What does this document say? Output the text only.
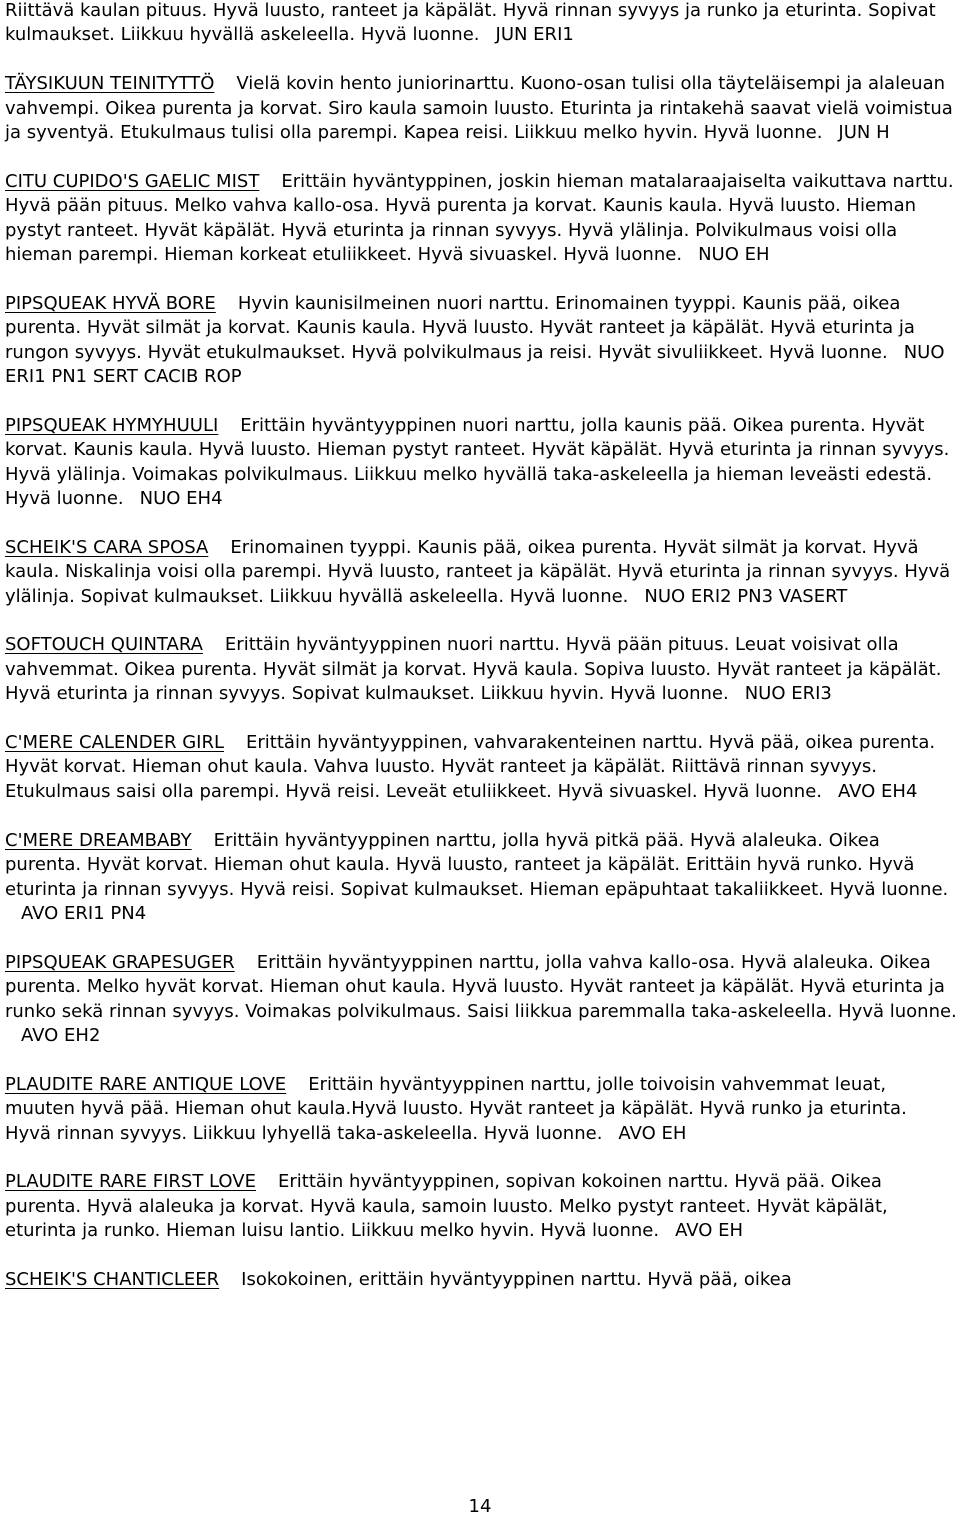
Riittävä kaulan pituus. Hyvä luusto, ranteet ja käpälät. Hyvä rinnan syvyys ja runko ja eturinta. Sopivat kulmaukset. Liikkuu hyvällä askeleella. Hyvä luonne. JUN ERI1
TÄYSIKUUN TEINITYTTÖ Vielä kovin hento juniorinarttu. Kuono-osan tulisi olla täyteläisempi ja alaleuan vahvempi. Oikea purenta ja korvat. Siro kaula samoin luusto. Eturinta ja rintakehä saavat vielä voimistua ja syventyä. Etukulmaus tulisi olla parempi. Kapea reisi. Liikkuu melko hyvin. Hyvä luonne. JUN H
CITU CUPIDO'S GAELIC MIST Erittäin hyväntyppinen, joskin hieman matalaraajaiselta vaikuttava narttu. Hyvä pään pituus. Melko vahva kallo-osa. Hyvä purenta ja korvat. Kaunis kaula. Hyvä luusto. Hieman pystyt ranteet. Hyvät käpälät. Hyvä eturinta ja rinnan syvyys. Hyvä ylälinja. Polvikulmaus voisi olla hieman parempi. Hieman korkeat etuliikkeet. Hyvä sivuaskel. Hyvä luonne. NUO EH
PIPSQUEAK HYVÄ BORE Hyvin kaunisilmeinen nuori narttu. Erinomainen tyyppi. Kaunis pää, oikea purenta. Hyvät silmät ja korvat. Kaunis kaula. Hyvä luusto. Hyvät ranteet ja käpälät. Hyvä eturinta ja rungon syvyys. Hyvät etukulmaukset. Hyvä polvikulmaus ja reisi. Hyvät sivuliikkeet. Hyvä luonne. NUO ERI1 PN1 SERT CACIB ROP
PIPSQUEAK HYMYHUULI Erittäin hyväntyyppinen nuori narttu, jolla kaunis pää. Oikea purenta. Hyvät korvat. Kaunis kaula. Hyvä luusto. Hieman pystyt ranteet. Hyvät käpälät. Hyvä eturinta ja rinnan syvyys. Hyvä ylälinja. Voimakas polvikulmaus. Liikkuu melko hyvällä taka-askeleella ja hieman leveästi edestä. Hyvä luonne. NUO EH4
SCHEIK'S CARA SPOSA Erinomainen tyyppi. Kaunis pää, oikea purenta. Hyvät silmät ja korvat. Hyvä kaula. Niskalinja voisi olla parempi. Hyvä luusto, ranteet ja käpälät. Hyvä eturinta ja rinnan syvyys. Hyvä ylälinja. Sopivat kulmaukset. Liikkuu hyvällä askeleella. Hyvä luonne. NUO ERI2 PN3 VASERT
SOFTOUCH QUINTARA Erittäin hyväntyyppinen nuori narttu. Hyvä pään pituus. Leuat voisivat olla vahvemmat. Oikea purenta. Hyvät silmät ja korvat. Hyvä kaula. Sopiva luusto. Hyvät ranteet ja käpälät. Hyvä eturinta ja rinnan syvyys. Sopivat kulmaukset. Liikkuu hyvin. Hyvä luonne. NUO ERI3
C'MERE CALENDER GIRL Erittäin hyväntyyppinen, vahvarakenteinen narttu. Hyvä pää, oikea purenta. Hyvät korvat. Hieman ohut kaula. Vahva luusto. Hyvät ranteet ja käpälät. Riittävä rinnan syvyys. Etukulmaus saisi olla parempi. Hyvä reisi. Leveät etuliikkeet. Hyvä sivuaskel. Hyvä luonne. AVO EH4
C'MERE DREAMBABY Erittäin hyväntyyppinen narttu, jolla hyvä pitkä pää. Hyvä alaleuka. Oikea purenta. Hyvät korvat. Hieman ohut kaula. Hyvä luusto, ranteet ja käpälät. Erittäin hyvä runko. Hyvä eturinta ja rinnan syvyys. Hyvä reisi. Sopivat kulmaukset. Hieman epäpuhtaat takaliikkeet. Hyvä luonne.AVO ERI1 PN4
PIPSQUEAK GRAPESUGER Erittäin hyväntyyppinen narttu, jolla vahva kallo-osa. Hyvä alaleuka. Oikea purenta. Melko hyvät korvat. Hieman ohut kaula. Hyvä luusto. Hyvät ranteet ja käpälät. Hyvä eturinta ja runko sekä rinnan syvyys. Voimakas polvikulmaus. Saisi liikkua paremmalla taka-askeleella. Hyvä luonne.AVO EH2
PLAUDITE RARE ANTIQUE LOVE Erittäin hyväntyyppinen narttu, jolle toivoisin vahvemmat leuat, muuten hyvä pää. Hieman ohut kaula.Hyvä luusto. Hyvät ranteet ja käpälät. Hyvä runko ja eturinta. Hyvä rinnan syvyys. Liikkuu lyhyellä taka-askeleella. Hyvä luonne. AVO EH
PLAUDITE RARE FIRST LOVE Erittäin hyväntyyppinen, sopivan kokoinen narttu. Hyvä pää. Oikea purenta. Hyvä alaleuka ja korvat. Hyvä kaula, samoin luusto. Melko pystyt ranteet. Hyvät käpälät, eturinta ja runko. Hieman luisu lantio. Liikkuu melko hyvin. Hyvä luonne. AVO EH
SCHEIK'S CHANTICLEER Isokokoinen, erittäin hyväntyyppinen narttu. Hyvä pää, oikea
14
